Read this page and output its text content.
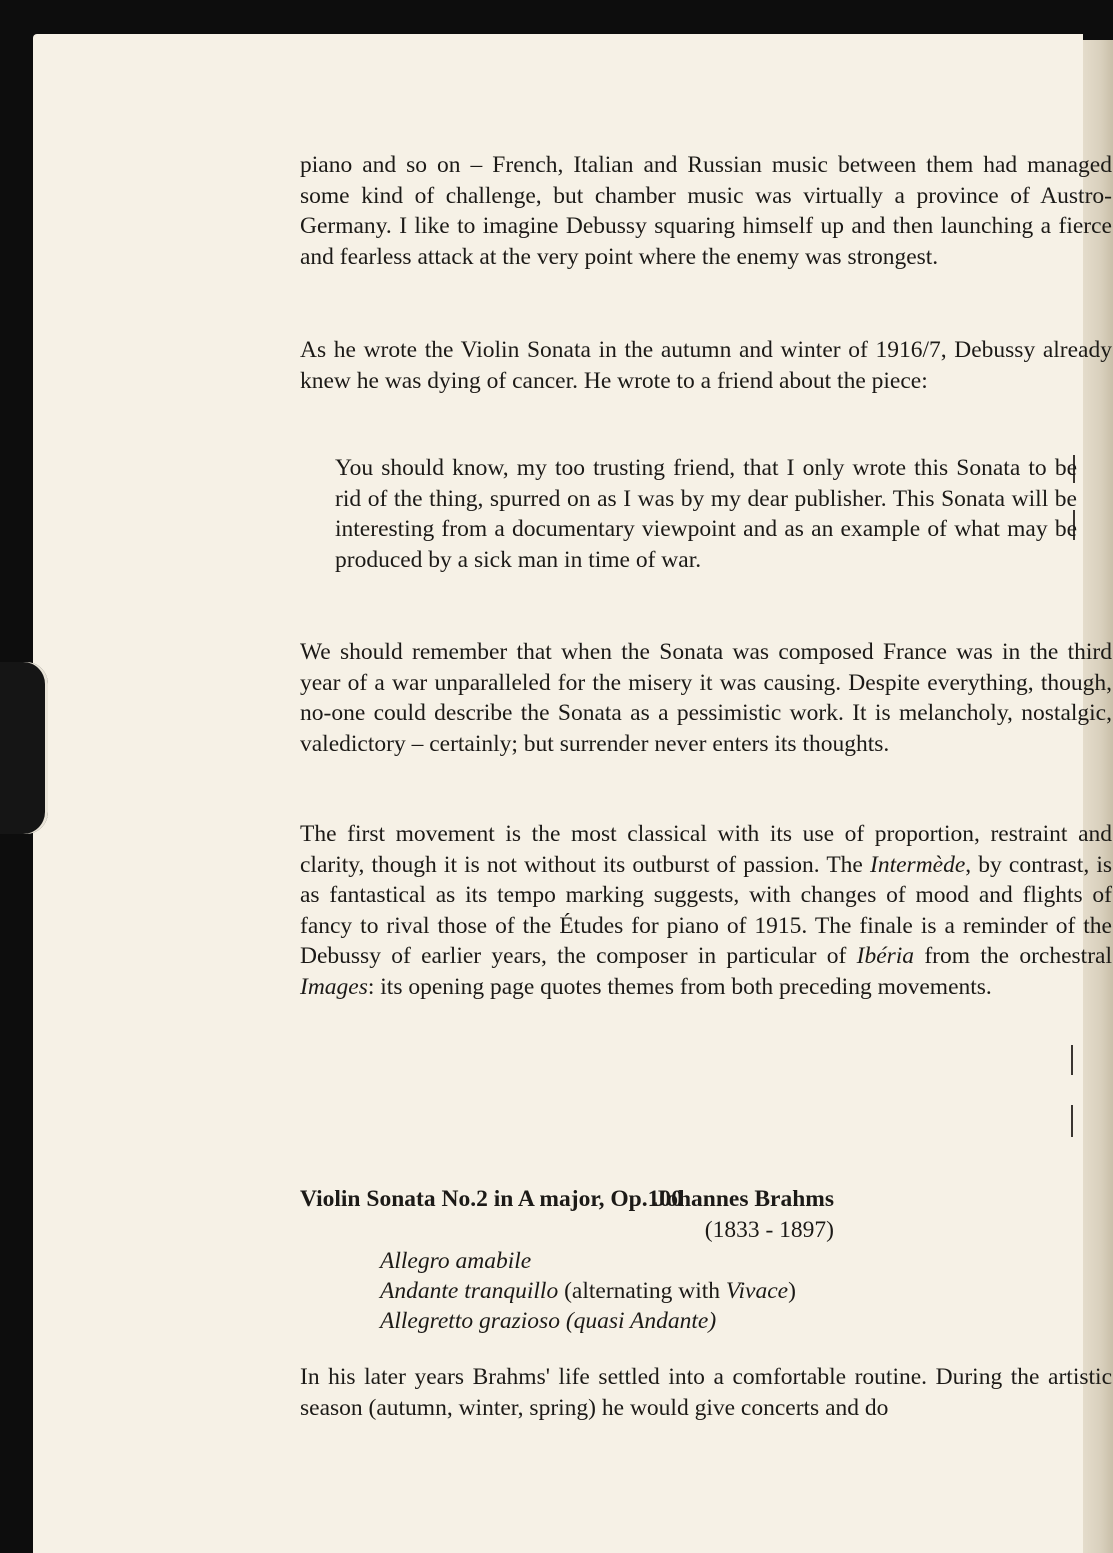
piano and so on – French, Italian and Russian music between them had managed some kind of challenge, but chamber music was virtually a province of Austro-Germany. I like to imagine Debussy squaring himself up and then launching a fierce and fearless attack at the very point where the enemy was strongest.

As he wrote the Violin Sonata in the autumn and winter of 1916/7, Debussy already knew he was dying of cancer. He wrote to a friend about the piece:

You should know, my too trusting friend, that I only wrote this Sonata to be rid of the thing, spurred on as I was by my dear publisher. This Sonata will be interesting from a documentary viewpoint and as an example of what may be produced by a sick man in time of war.

We should remember that when the Sonata was composed France was in the third year of a war unparalleled for the misery it was causing. Despite everything, though, no-one could describe the Sonata as a pessimistic work. It is melancholy, nostalgic, valedictory – certainly; but surrender never enters its thoughts.

The first movement is the most classical with its use of proportion, restraint and clarity, though it is not without its outburst of passion. The Intermède, by contrast, is as fantastical as its tempo marking suggests, with changes of mood and flights of fancy to rival those of the Études for piano of 1915. The finale is a reminder of the Debussy of earlier years, the composer in particular of Ibéria from the orchestral Images: its opening page quotes themes from both preceding movements.

Violin Sonata No.2 in A major, Op.100
Johannes Brahms
(1833 - 1897)
Allegro amabile
Andante tranquillo (alternating with Vivace)
Allegretto grazioso (quasi Andante)

In his later years Brahms' life settled into a comfortable routine. During the artistic season (autumn, winter, spring) he would give concerts and do
